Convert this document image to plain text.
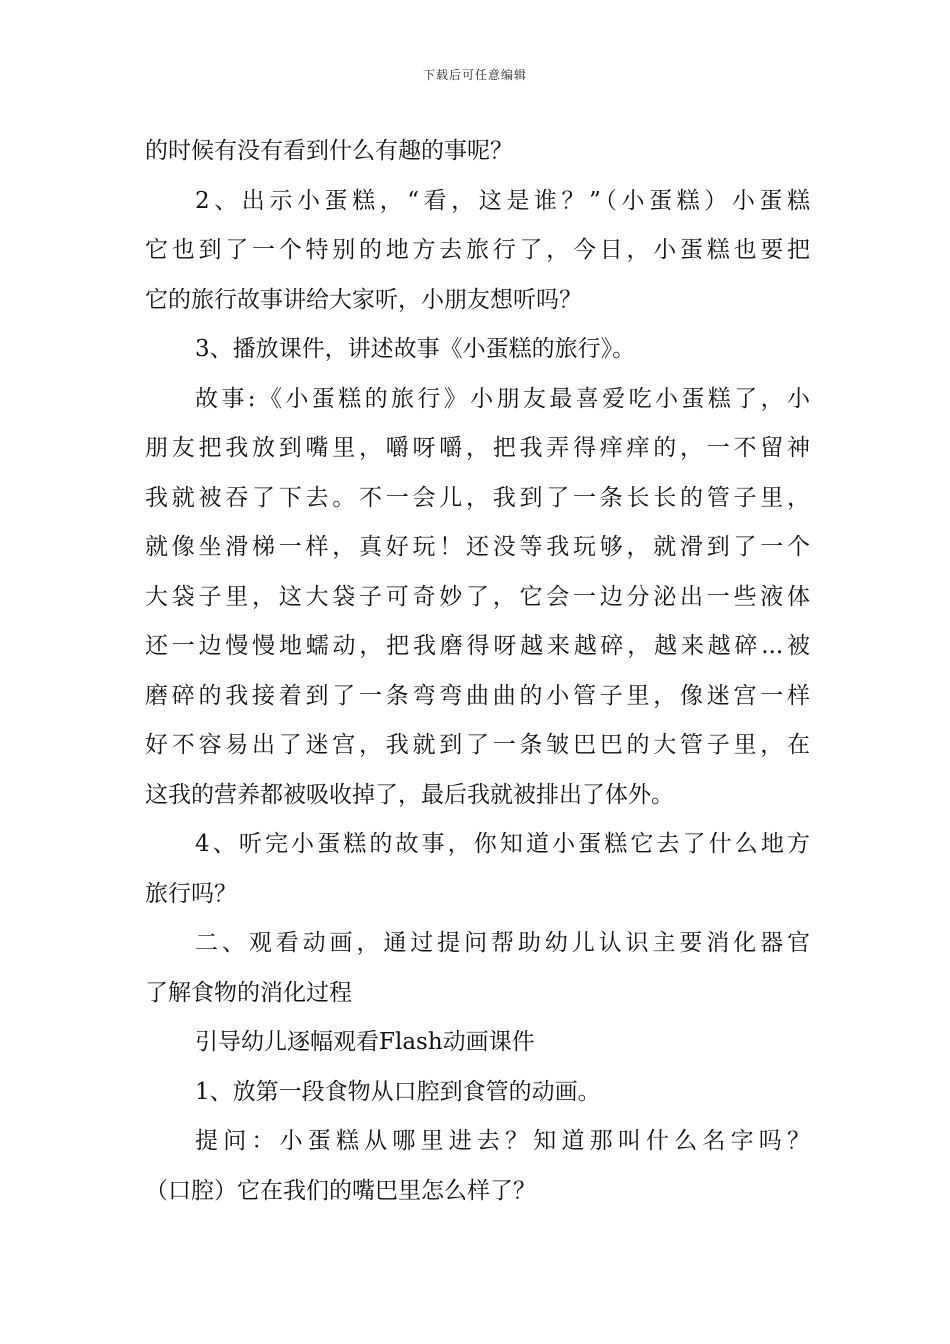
下载后可任意编辑
的时候有没有看到什么有趣的事呢？
2、出示小蛋糕，“看，这是谁？”（小蛋糕）小蛋糕
它也到了一个特别的地方去旅行了，今日，小蛋糕也要把
它的旅行故事讲给大家听，小朋友想听吗？
3、播放课件，讲述故事《小蛋糕的旅行》。
故事:《小蛋糕的旅行》小朋友最喜爱吃小蛋糕了，小
朋友把我放到嘴里，嚼呀嚼，把我弄得痒痒的，一不留神
我就被吞了下去。不一会儿，我到了一条长长的管子里，
就像坐滑梯一样，真好玩！还没等我玩够，就滑到了一个
大袋子里，这大袋子可奇妙了，它会一边分泌出一些液体
还一边慢慢地蠕动，把我磨得呀越来越碎，越来越碎...被
磨碎的我接着到了一条弯弯曲曲的小管子里，像迷宫一样
好不容易出了迷宫，我就到了一条皱巴巴的大管子里，在
这我的营养都被吸收掉了，最后我就被排出了体外。
4、听完小蛋糕的故事，你知道小蛋糕它去了什么地方
旅行吗？
二、观看动画，通过提问帮助幼儿认识主要消化器官
了解食物的消化过程
引导幼儿逐幅观看Flash动画课件
1、放第一段食物从口腔到食管的动画。
提问：小蛋糕从哪里进去？知道那叫什么名字吗？
（口腔）它在我们的嘴巴里怎么样了？
